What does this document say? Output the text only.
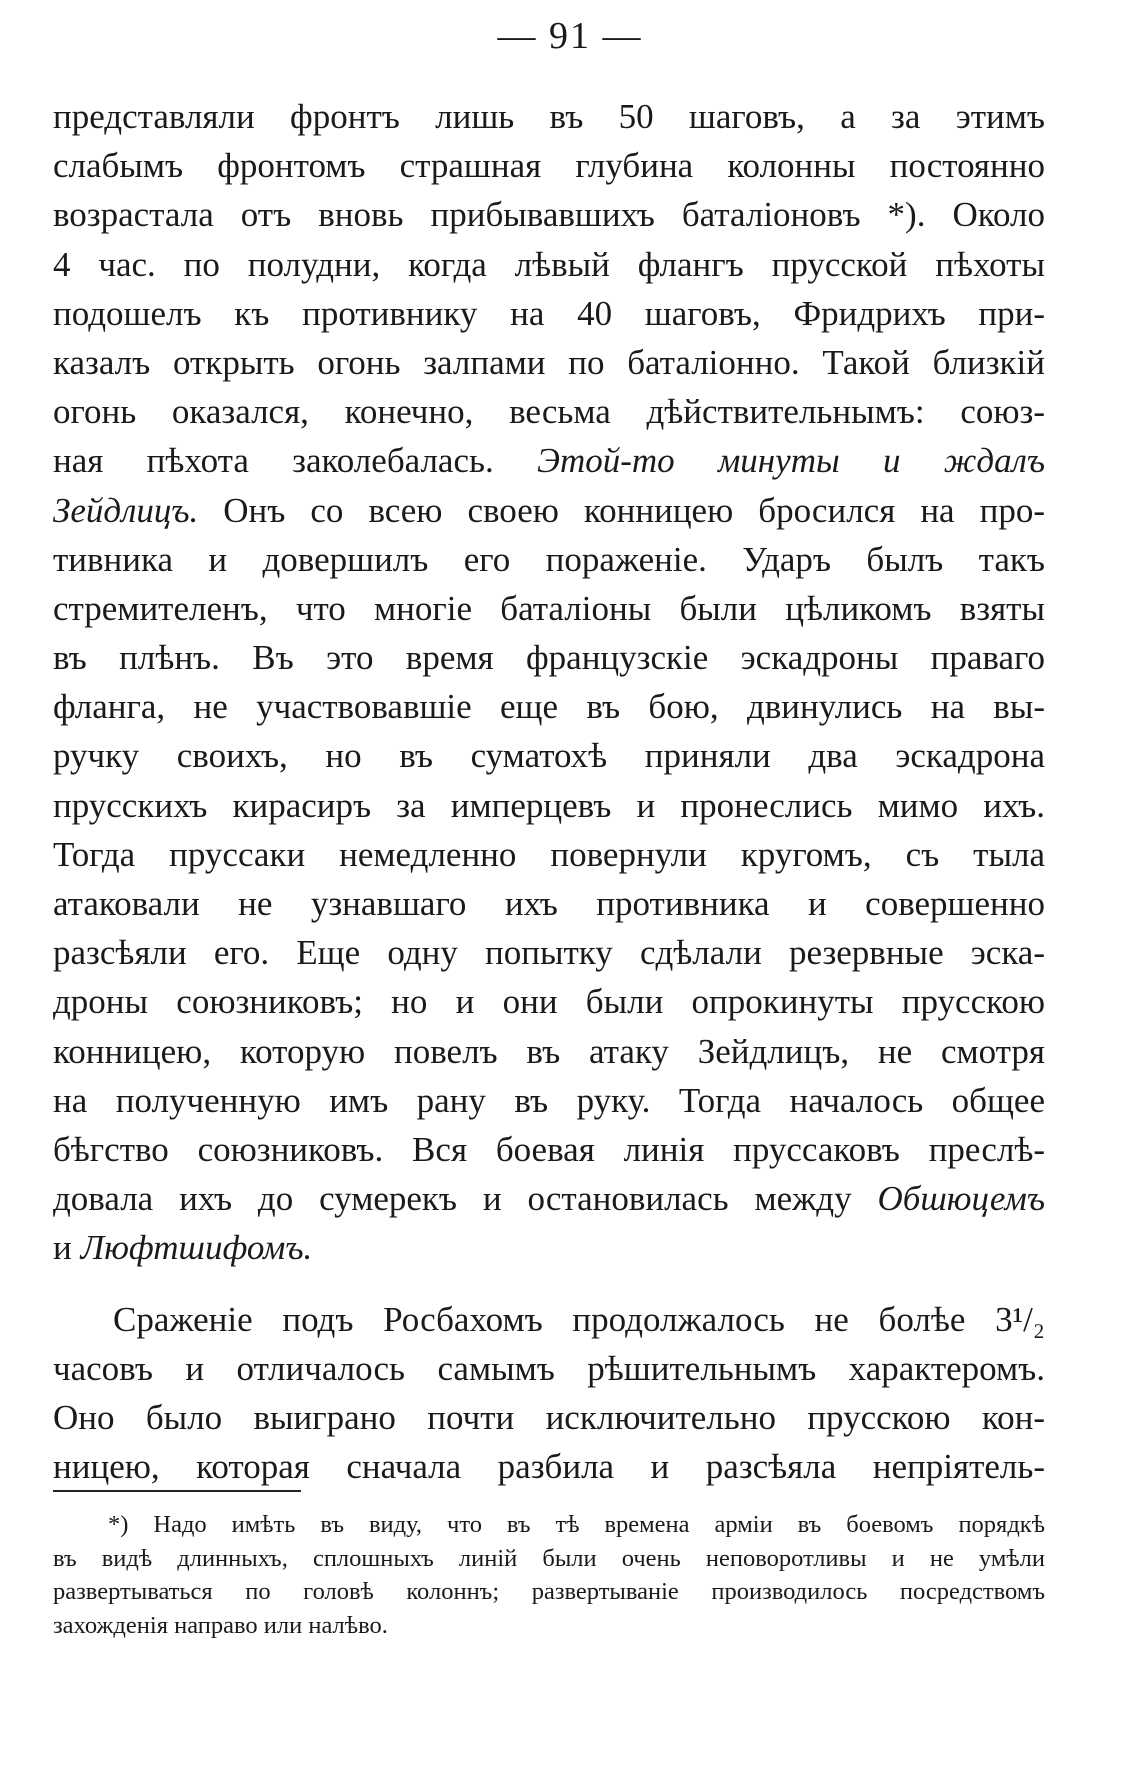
— 91 —
представляли фронтъ лишь въ 50 шаговъ, а за этимъ
слабымъ фронтомъ страшная глубина колонны постоянно
возрастала отъ вновь прибывавшихъ баталiоновъ *). Около
4 час. по полудни, когда лѣвый флангъ прусской пѣхоты
подошелъ къ противнику на 40 шаговъ, Фридрихъ при-
казалъ открыть огонь залпами по баталiонно. Такой близкiй
огонь оказался, конечно, весьма дѣйствительнымъ: союз-
ная пѣхота заколебалась. Этой-то минуты и ждалъ
Зейдлицъ. Онъ со всею своею конницею бросился на про-
тивника и довершилъ его пораженiе. Ударъ былъ такъ
стремителенъ, что многiе баталiоны были цѣликомъ взяты
въ плѣнъ. Въ это время французскiе эскадроны праваго
фланга, не участвовавшiе еще въ бою, двинулись на вы-
ручку своихъ, но въ суматохѣ приняли два эскадрона
прусскихъ кирасиръ за имперцевъ и пронеслись мимо ихъ.
Тогда пруссаки немедленно повернули кругомъ, съ тыла
атаковали не узнавшаго ихъ противника и совершенно
разсѣяли его. Еще одну попытку сдѣлали резервные эска-
дроны союзниковъ; но и они были опрокинуты прусскою
конницею, которую повелъ въ атаку Зейдлицъ, не смотря
на полученную имъ рану въ руку. Тогда началось общее
бѣгство союзниковъ. Вся боевая линiя пруссаковъ преслѣ-
довала ихъ до сумерекъ и остановилась между Обшюцемъ
и Люфтшифомъ.
Сраженiе подъ Росбахомъ продолжалось не болѣе 3¹/₂
часовъ и отличалось самымъ рѣшительнымъ характеромъ.
Оно было выиграно почти исключительно прусскою кон-
ницею, которая сначала разбила и разсѣяла непрiятель-
*) Надо имѣть въ виду, что въ тѣ времена армiи въ боевомъ порядкѣ
въ видѣ длинныхъ, сплошныхъ линiй были очень неповоротливы и не умѣли
развертываться по головѣ колоннъ; развертыванiе производилось посредствомъ
захожденiя направо или налѣво.
